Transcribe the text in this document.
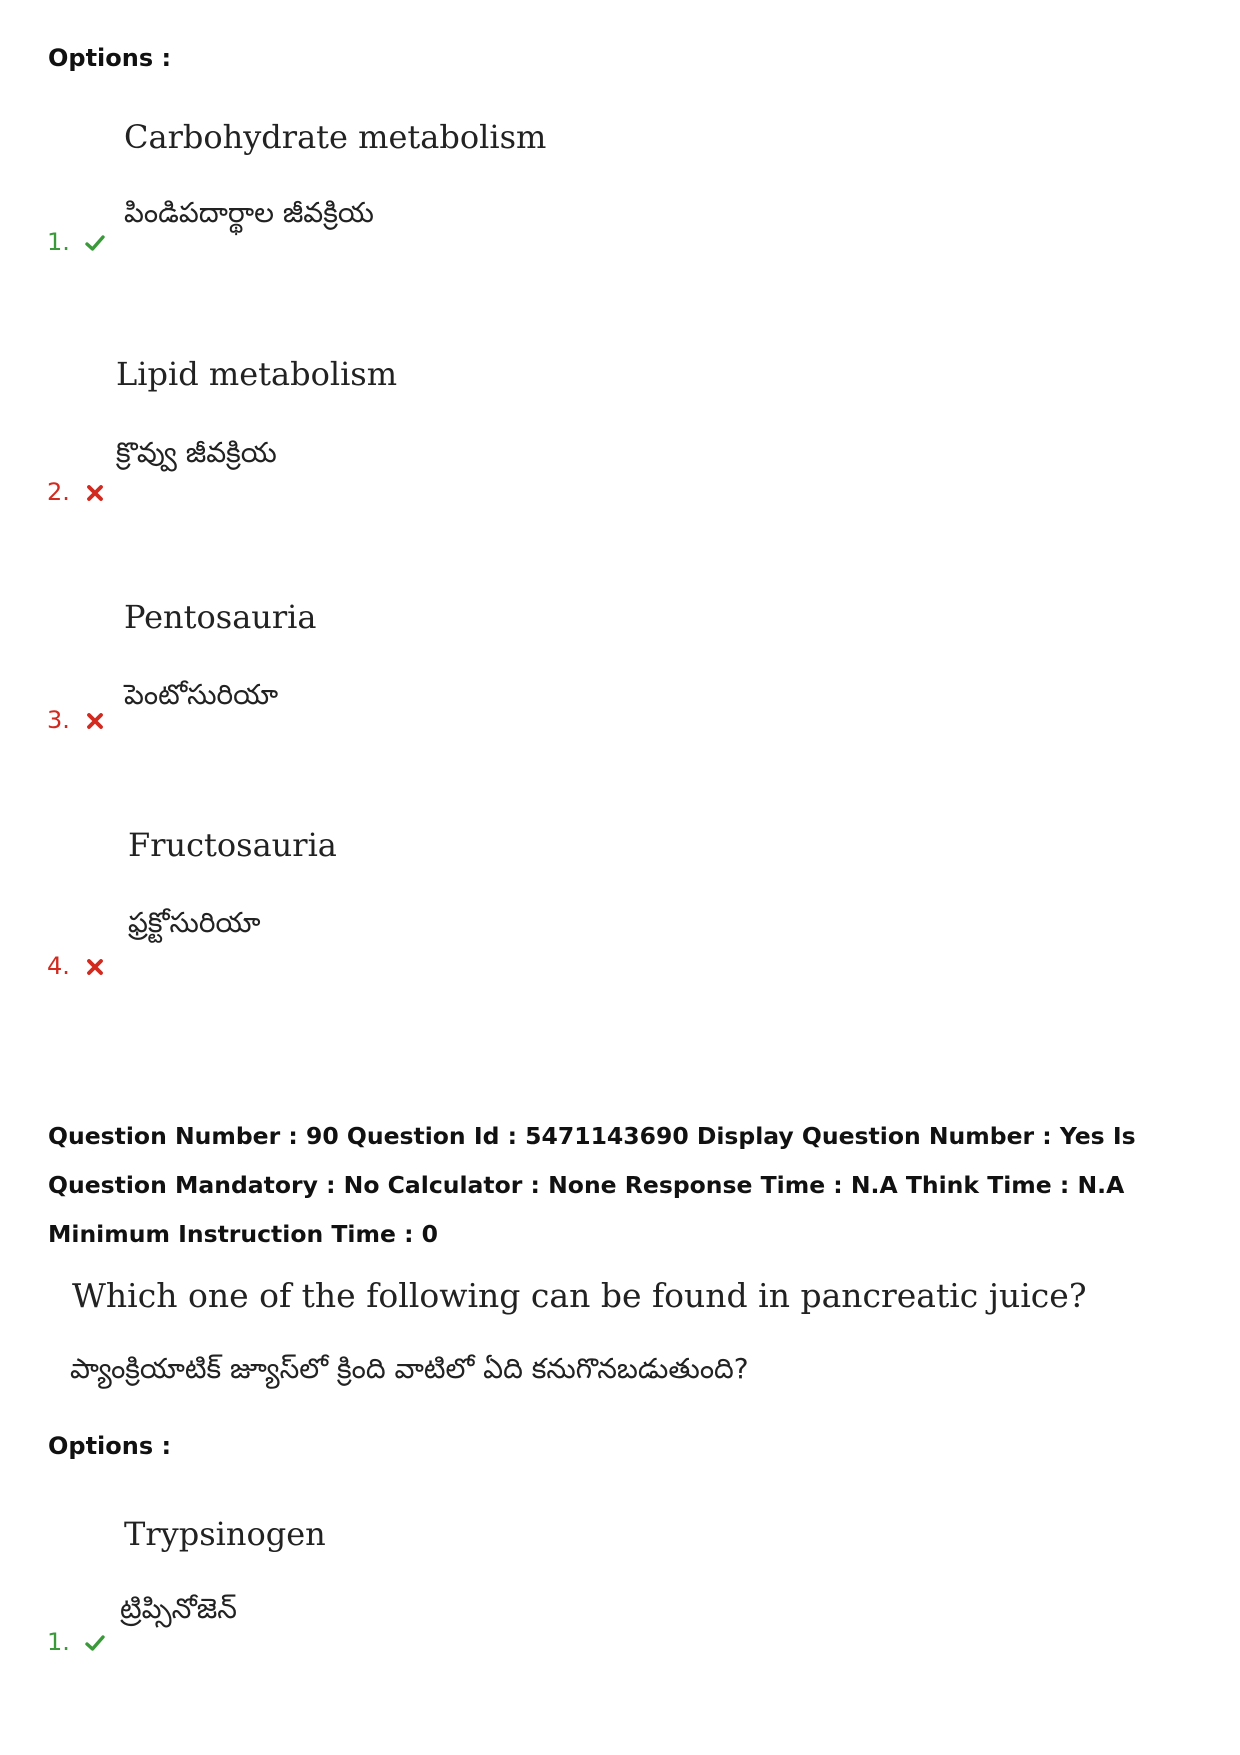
Options :
Carbohydrate metabolism
పిండిపదార్థాల జీవక్రియ
1.
Lipid metabolism
క్రొవ్వు జీవక్రియ
2.
Pentosauria
పెంటోసురియా
3.
Fructosauria
ఫ్రక్టోసురియా
4.

Question Number : 90 Question Id : 5471143690 Display Question Number : Yes Is Question Mandatory : No Calculator : None Response Time : N.A Think Time : N.A Minimum Instruction Time : 0

Which one of the following can be found in pancreatic juice?
ప్యాంక్రియాటిక్ జ్యూస్‌లో క్రింది వాటిలో ఏది కనుగొనబడుతుంది?
Options :
Trypsinogen
ట్రిప్సినోజెన్
1.
